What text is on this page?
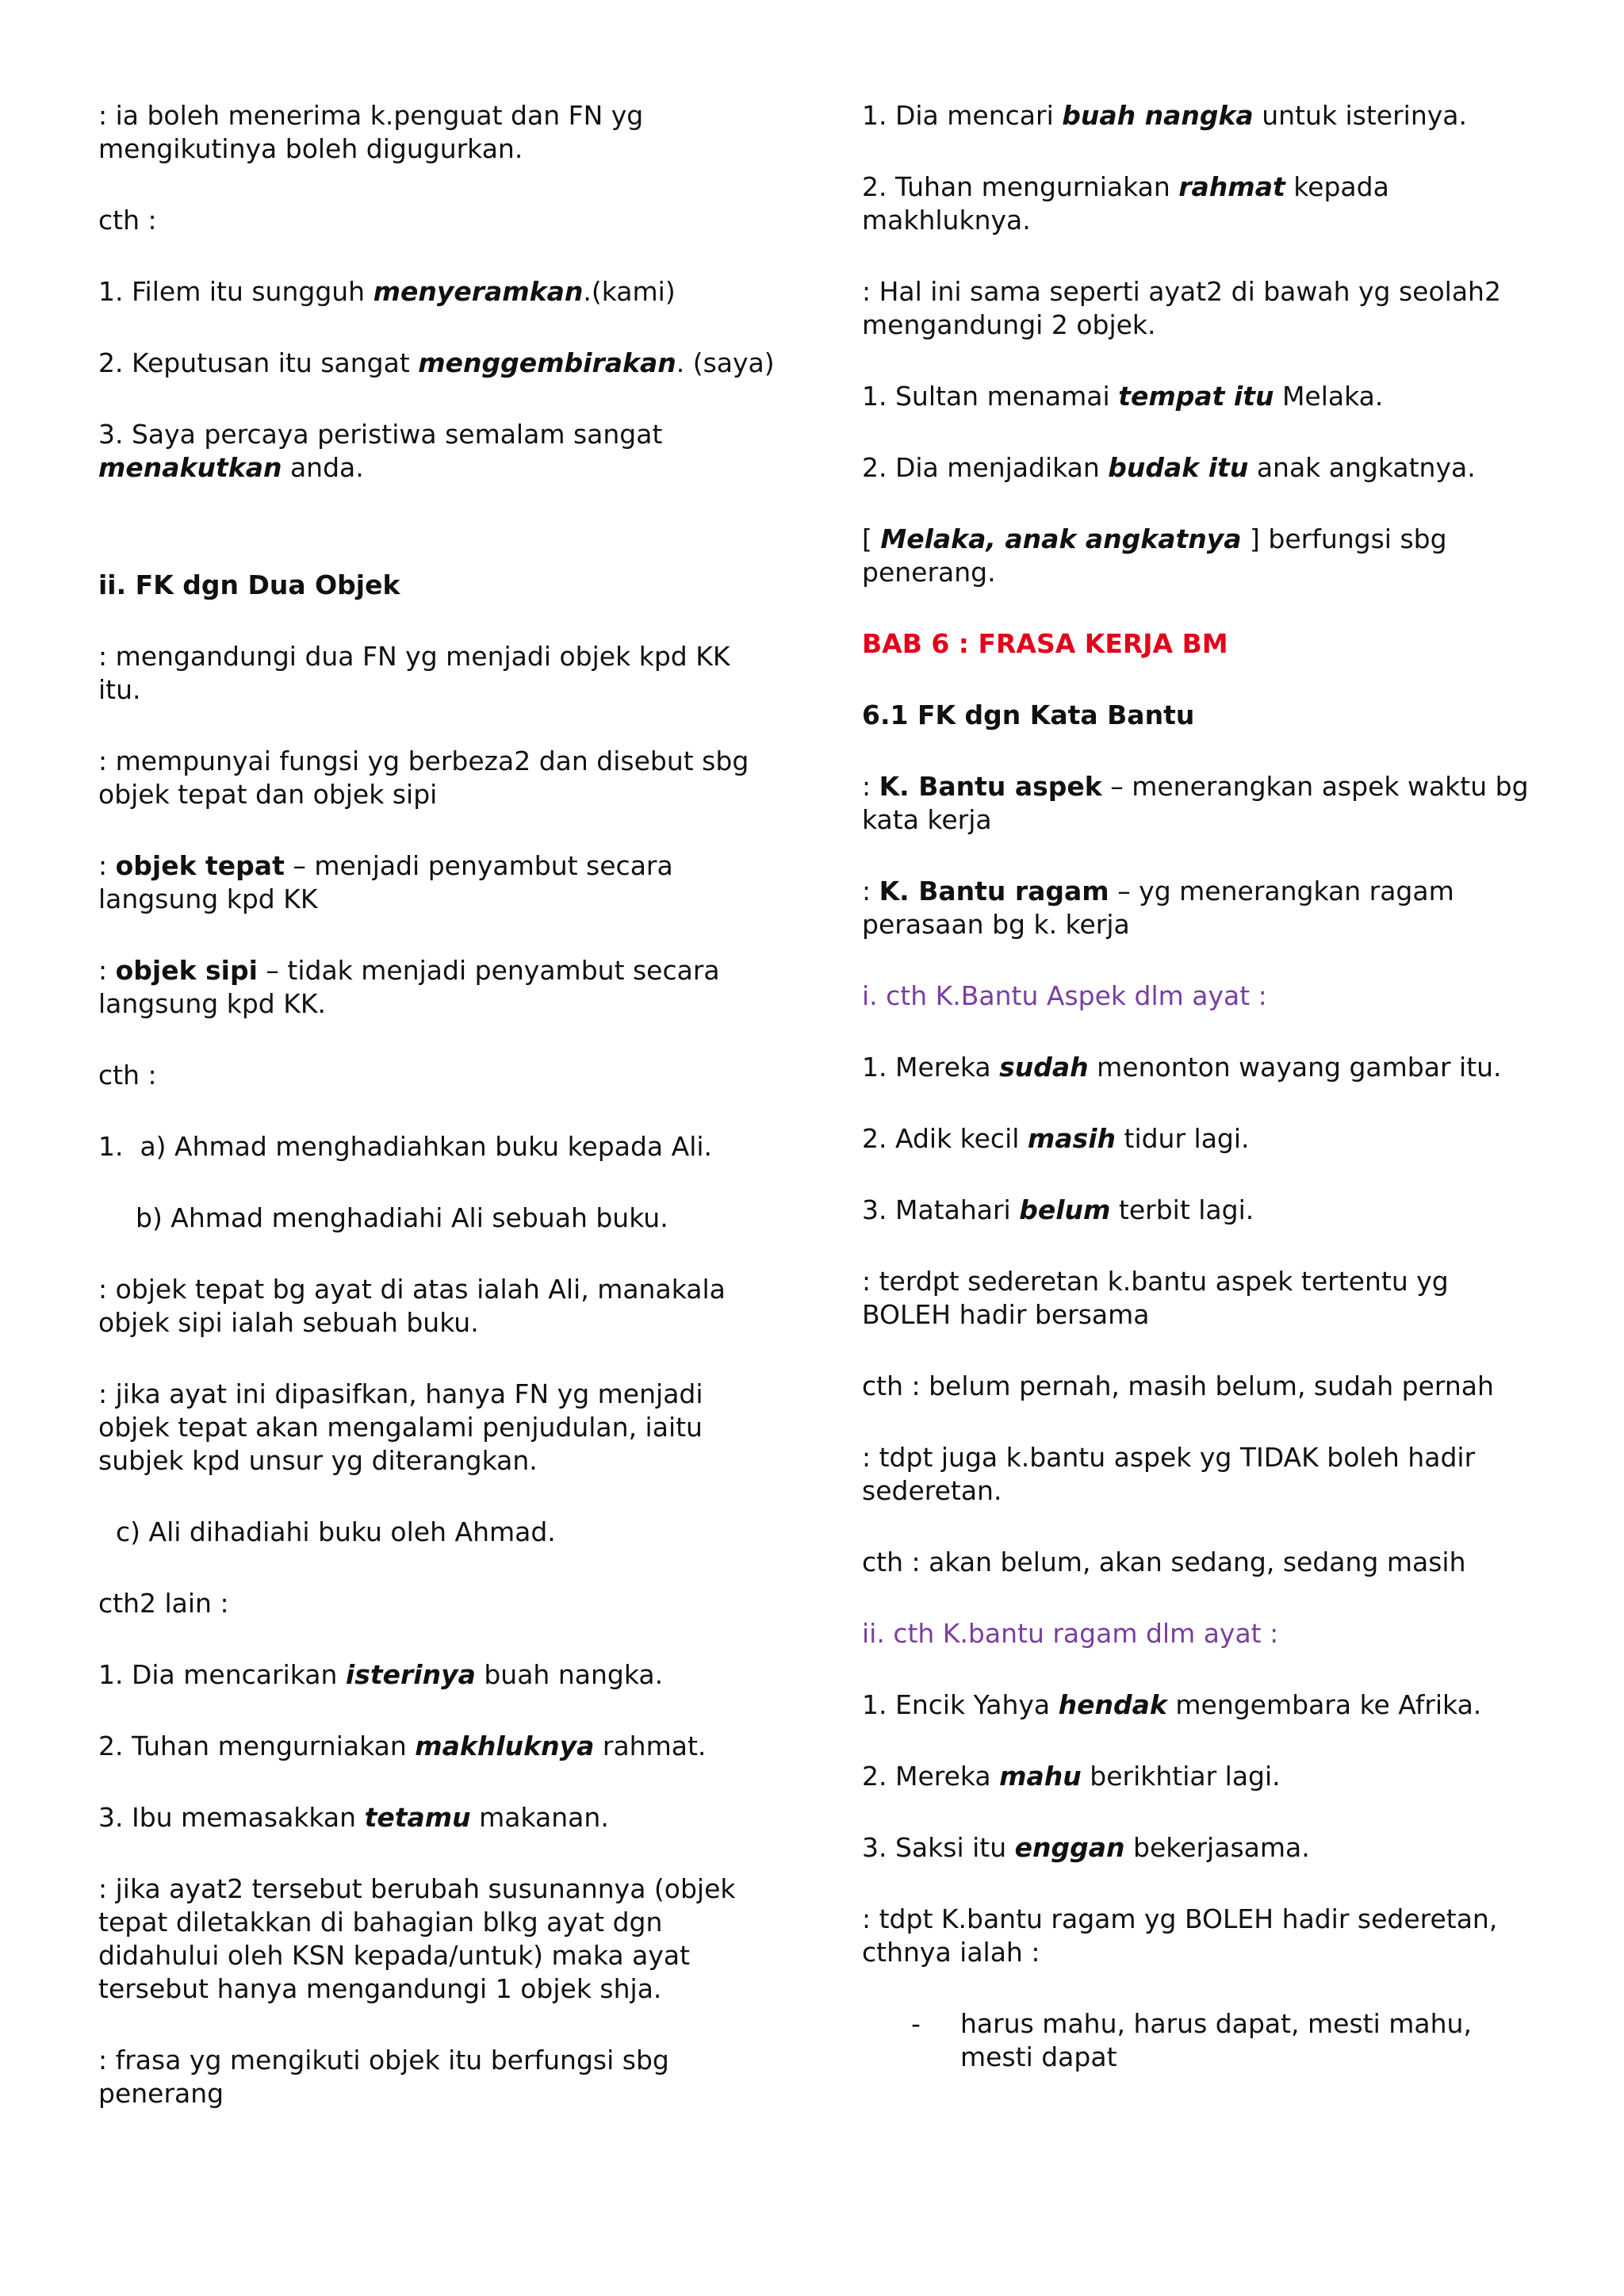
: ia boleh menerima k.penguat dan FN yg mengikutinya boleh digugurkan.

cth :

1. Filem itu sungguh menyeramkan.(kami)

2. Keputusan itu sangat menggembirakan. (saya)

3. Saya percaya peristiwa semalam sangat menakutkan anda.

ii. FK dgn Dua Objek

: mengandungi dua FN yg menjadi objek kpd KK itu.

: mempunyai fungsi yg berbeza2 dan disebut sbg objek tepat dan objek sipi

: objek tepat – menjadi penyambut secara langsung kpd KK

: objek sipi – tidak menjadi penyambut secara langsung kpd KK.

cth :

1.  a) Ahmad menghadiahkan buku kepada Ali.

b) Ahmad menghadiahi Ali sebuah buku.

: objek tepat bg ayat di atas ialah Ali, manakala objek sipi ialah sebuah buku.

: jika ayat ini dipasifkan, hanya FN yg menjadi objek tepat akan mengalami penjudulan, iaitu subjek kpd unsur yg diterangkan.

c) Ali dihadiahi buku oleh Ahmad.

cth2 lain :

1. Dia mencarikan isterinya buah nangka.

2. Tuhan mengurniakan makhluknya rahmat.

3. Ibu memasakkan tetamu makanan.

: jika ayat2 tersebut berubah susunannya (objek tepat diletakkan di bahagian blkg ayat dgn didahului oleh KSN kepada/untuk) maka ayat tersebut hanya mengandungi 1 objek shja.

: frasa yg mengikuti objek itu berfungsi sbg penerang

1. Dia mencari buah nangka untuk isterinya.

2. Tuhan mengurniakan rahmat kepada makhluknya.

: Hal ini sama seperti ayat2 di bawah yg seolah2 mengandungi 2 objek.

1. Sultan menamai tempat itu Melaka.

2. Dia menjadikan budak itu anak angkatnya.

[ Melaka, anak angkatnya ] berfungsi sbg penerang.

BAB 6 : FRASA KERJA BM

6.1 FK dgn Kata Bantu

: K. Bantu aspek – menerangkan aspek waktu bg kata kerja

: K. Bantu ragam – yg menerangkan ragam perasaan bg k. kerja

i. cth K.Bantu Aspek dlm ayat :

1. Mereka sudah menonton wayang gambar itu.

2. Adik kecil masih tidur lagi.

3. Matahari belum terbit lagi.

: terdpt sederetan k.bantu aspek tertentu yg BOLEH hadir bersama

cth : belum pernah, masih belum, sudah pernah

: tdpt juga k.bantu aspek yg TIDAK boleh hadir sederetan.

cth : akan belum, akan sedang, sedang masih

ii. cth K.bantu ragam dlm ayat :

1. Encik Yahya hendak mengembara ke Afrika.

2. Mereka mahu berikhtiar lagi.

3. Saksi itu enggan bekerjasama.

: tdpt K.bantu ragam yg BOLEH hadir sederetan, cthnya ialah :

-	harus mahu, harus dapat, mesti mahu, mesti dapat
